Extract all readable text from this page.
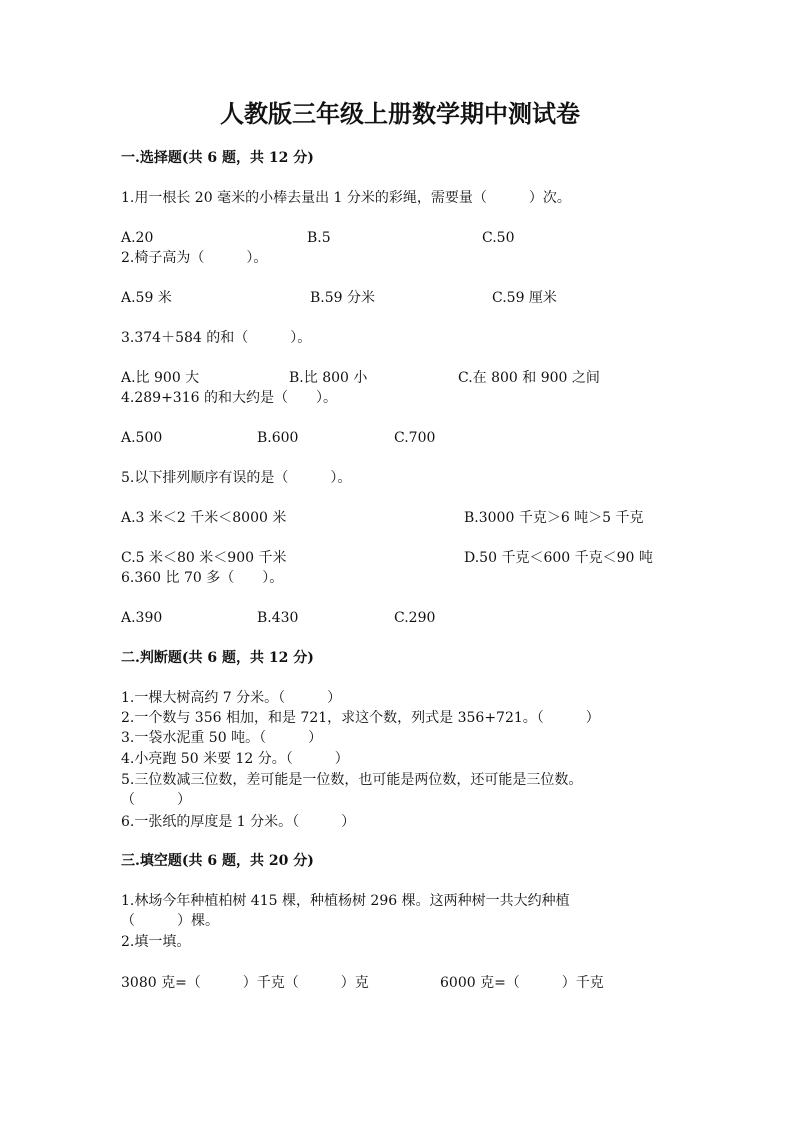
人教版三年级上册数学期中测试卷
一.选择题(共 6 题，共 12 分)
1.用一根长 20 毫米的小棒去量出 1 分米的彩绳，需要量（　　　）次。
A.20	B.5	C.50
2.椅子高为（　　　）。
A.59 米	B.59 分米	C.59 厘米
3.374＋584 的和（　　　）。
A.比 900 大	B.比 800 小	C.在 800 和 900 之间
4.289+316 的和大约是（　　）。
A.500	B.600	C.700
5.以下排列顺序有误的是（　　　）。
A.3 米＜2 千米＜8000 米	B.3000 千克＞6 吨＞5 千克
C.5 米＜80 米＜900 千米	D.50 千克＜600 千克＜90 吨
6.360 比 70 多（　　）。
A.390	B.430	C.290
二.判断题(共 6 题，共 12 分)
1.一棵大树高约 7 分米。（　　　）
2.一个数与 356 相加，和是 721，求这个数，列式是 356+721。（　　　）
3.一袋水泥重 50 吨。（　　　）
4.小亮跑 50 米要 12 分。（　　　）
5.三位数减三位数，差可能是一位数，也可能是两位数，还可能是三位数。
（　　　）
6.一张纸的厚度是 1 分米。（　　　）
三.填空题(共 6 题，共 20 分)
1.林场今年种植柏树 415 棵，种植杨树 296 棵。这两种树一共大约种植
（　　　）棵。
2.填一填。
3080 克=（　　　）千克（　　　）克	6000 克=（　　　）千克
